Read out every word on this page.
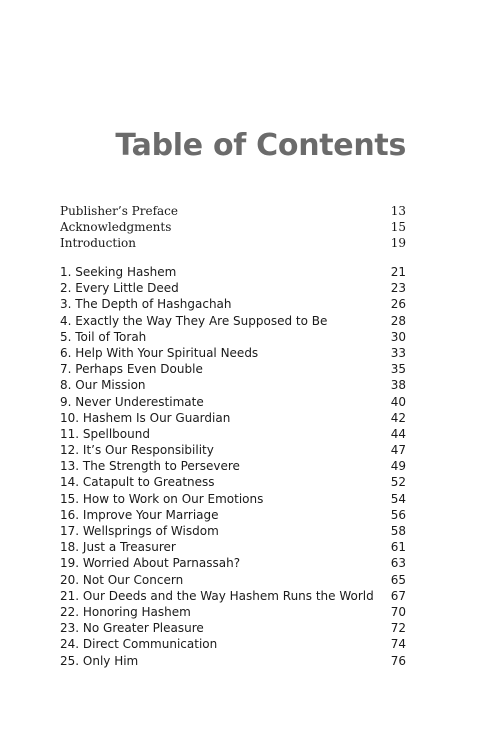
Table of Contents
Publisher’s Preface	13
Acknowledgments	15
Introduction	19
1. Seeking Hashem	21
2. Every Little Deed	23
3. The Depth of Hashgachah	26
4. Exactly the Way They Are Supposed to Be	28
5. Toil of Torah	30
6. Help With Your Spiritual Needs	33
7. Perhaps Even Double	35
8. Our Mission	38
9. Never Underestimate	40
10. Hashem Is Our Guardian	42
11. Spellbound	44
12. It’s Our Responsibility	47
13. The Strength to Persevere	49
14. Catapult to Greatness	52
15. How to Work on Our Emotions	54
16. Improve Your Marriage	56
17. Wellsprings of Wisdom	58
18. Just a Treasurer	61
19. Worried About Parnassah?	63
20. Not Our Concern	65
21. Our Deeds and the Way Hashem Runs the World	67
22. Honoring Hashem	70
23. No Greater Pleasure	72
24. Direct Communication	74
25. Only Him	76
